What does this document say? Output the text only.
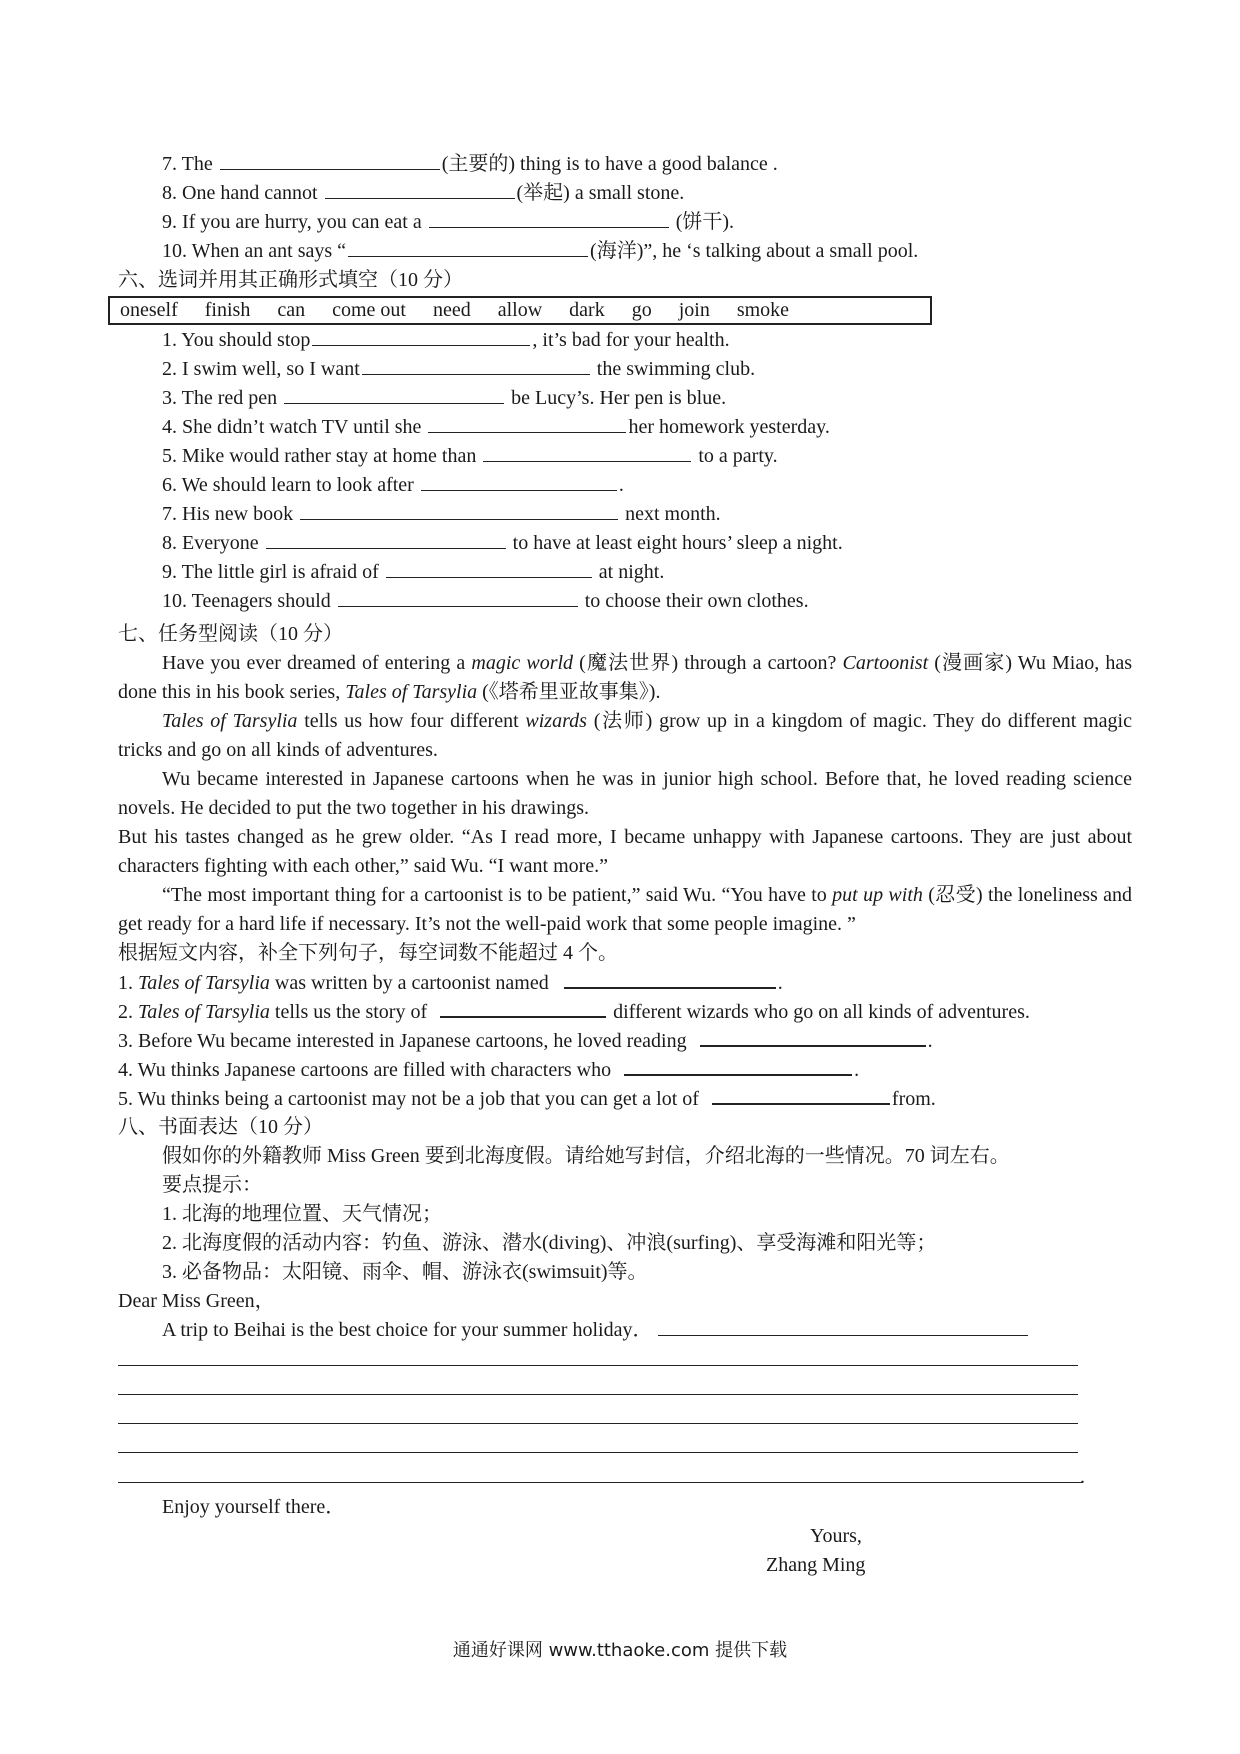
7. The	(主要的) thing is to have a good balance .
8. One hand cannot	(举起) a small stone.
9. If you are hurry, you can eat a	(饼干).
10. When an ant says “	(海洋)”, he ‘s talking about a small pool.
六、选词并用其正确形式填空（10 分）
oneself finish can come out need allow dark go join smoke
1. You should stop	, it’s bad for your health.
2. I swim well, so I want	the swimming club.
3. The red pen	be Lucy’s. Her pen is blue.
4. She didn’t watch TV until she	her homework yesterday.
5. Mike would rather stay at home than	to a party.
6. We should learn to look after	.
7. His new book	next month.
8. Everyone	to have at least eight hours’ sleep a night.
9. The little girl is afraid of	at night.
10. Teenagers should	to choose their own clothes.
七、任务型阅读（10 分）
Have you ever dreamed of entering a magic world (魔法世界) through a cartoon? Cartoonist (漫画家) Wu Miao, has done this in his book series, Tales of Tarsylia (《塔希里亚故事集》).
Tales of Tarsylia tells us how four different wizards (法师) grow up in a kingdom of magic. They do different magic tricks and go on all kinds of adventures.
Wu became interested in Japanese cartoons when he was in junior high school. Before that, he loved reading science novels. He decided to put the two together in his drawings.
But his tastes changed as he grew older. “As I read more, I became unhappy with Japanese cartoons. They are just about characters fighting with each other,” said Wu. “I want more.”
“The most important thing for a cartoonist is to be patient,” said Wu. “You have to put up with (忍受) the loneliness and get ready for a hard life if necessary. It’s not the well-paid work that some people imagine. ”
根据短文内容，补全下列句子，每空词数不能超过 4 个。
1. Tales of Tarsylia was written by a cartoonist named	.
2. Tales of Tarsylia tells us the story of	different wizards who go on all kinds of adventures.
3. Before Wu became interested in Japanese cartoons, he loved reading	.
4. Wu thinks Japanese cartoons are filled with characters who	.
5. Wu thinks being a cartoonist may not be a job that you can get a lot of	from.
八、书面表达（10 分）
假如你的外籍教师 Miss Green 要到北海度假。请给她写封信，介绍北海的一些情况。70 词左右。
要点提示：
1. 北海的地理位置、天气情况；
2. 北海度假的活动内容：钓鱼、游泳、潜水(diving)、冲浪(surfing)、享受海滩和阳光等；
3. 必备物品：太阳镜、雨伞、帽、游泳衣(swimsuit)等。
Dear Miss Green，
A trip to Beihai is the best choice for your summer holiday．
.
Enjoy yourself there．
Yours,
Zhang Ming
通通好课网 www.tthaoke.com 提供下载
